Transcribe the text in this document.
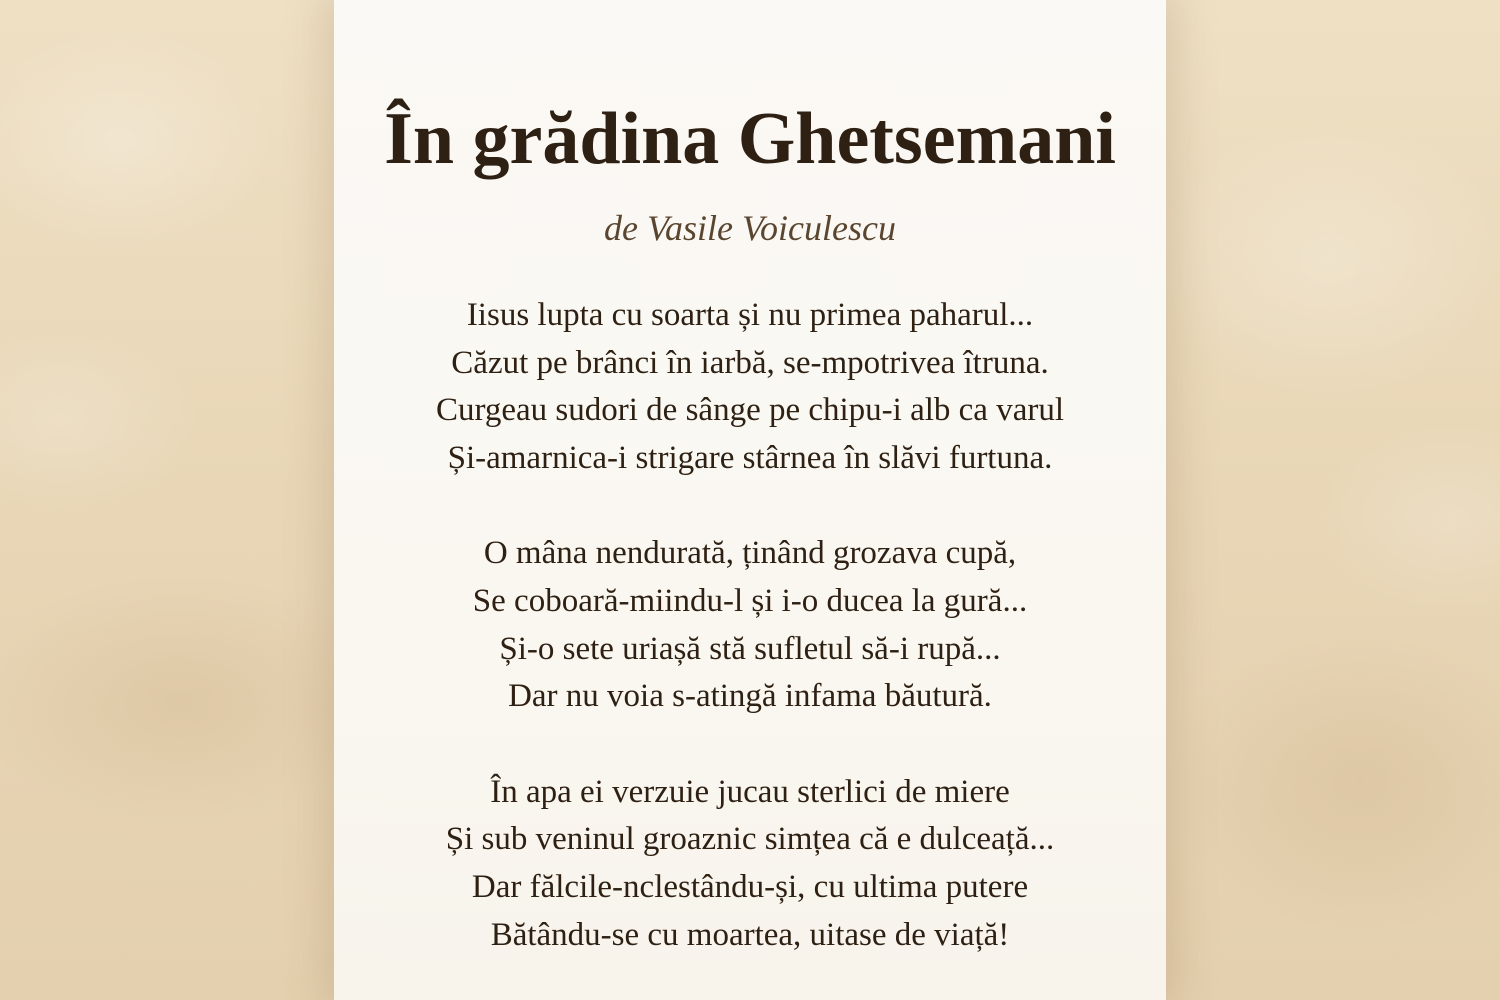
În grădina Ghetsemani
de Vasile Voiculescu
Iisus lupta cu soarta și nu primea paharul...
Căzut pe brânci în iarbă, se-mpotrivea îtruna.
Curgeau sudori de sânge pe chipu-i alb ca varul
Și-amarnica-i strigare stârnea în slăvi furtuna.
O mâna nendurată, ținând grozava cupă,
Se coboară-miindu-l și i-o ducea la gură...
Și-o sete uriașă stă sufletul să-i rupă...
Dar nu voia s-atingă infama băutură.
În apa ei verzuie jucau sterlici de miere
Și sub veninul groaznic simțea că e dulceață...
Dar fălcile-nclestându-și, cu ultima putere
Bătându-se cu moartea, uitase de viață!
